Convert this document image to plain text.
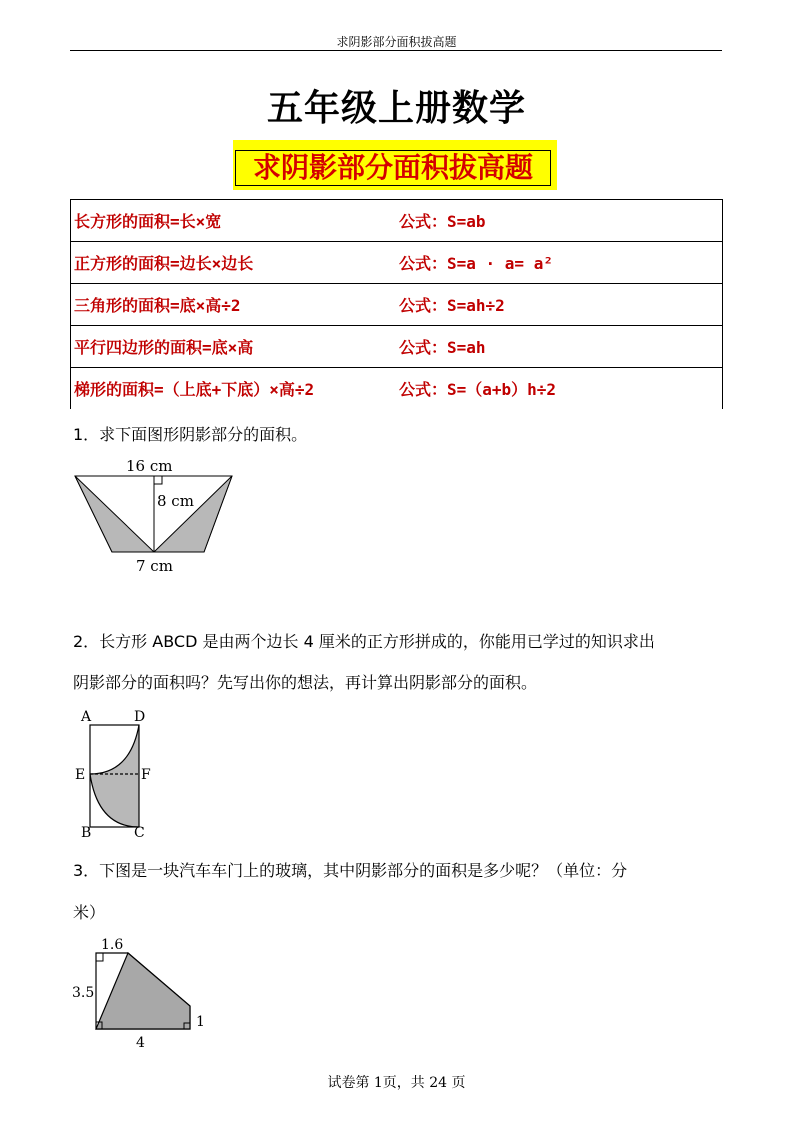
求阴影部分面积拔高题
五年级上册数学
求阴影部分面积拔高题
长方形的面积=长×宽	公式：S=ab
正方形的面积=边长×边长	公式：S=a · a= a²
三角形的面积=底×高÷2	公式：S=ah÷2
平行四边形的面积=底×高	公式：S=ah
梯形的面积=（上底+下底）×高÷2	公式：S=（a+b）h÷2
1．求下面图形阴影部分的面积。
16 cm
8 cm
7 cm
2．长方形 ABCD 是由两个边长 4 厘米的正方形拼成的，你能用已学过的知识求出
阴影部分的面积吗？先写出你的想法，再计算出阴影部分的面积。
A	D
E	F
B	C
3．下图是一块汽车车门上的玻璃，其中阴影部分的面积是多少呢？（单位：分
米）
1.6
3.5
1
4
试卷第 1页，共 24 页
